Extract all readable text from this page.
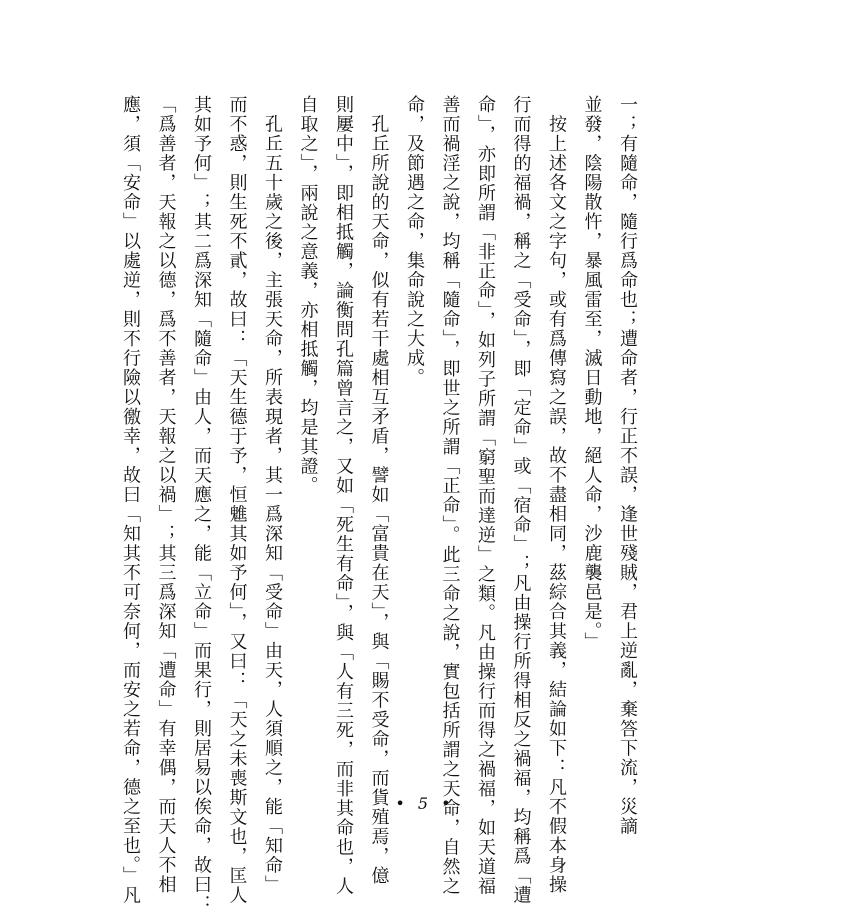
一；有隨命，隨行爲命也；遭命者，行正不誤，逢世殘賊，君上逆亂，棄答下流，災謫
並發，陰陽散忤，暴風雷至，滅日動地，絕人命，沙鹿襲邑是。」
　按上述各文之字句，或有爲傳寫之誤，故不盡相同，茲綜合其義，結論如下：凡不假本身操
行而得的福禍，稱之「受命」，即「定命」或「宿命」；凡由操行所得相反之禍福，均稱爲「遭
命」，亦即所謂「非正命」，如列子所謂「窮聖而達逆」之類。凡由操行而得之禍福，如天道福
善而禍淫之說，均稱「隨命」，即世之所謂「正命」。此三命之說，實包括所謂之天命，自然之
命，及節遇之命，集命說之大成。
　孔丘所說的天命，似有若干處相互矛盾，譬如「富貴在天」，與「賜不受命，而貨殖焉，億
則屢中」，即相抵觸，論衡問孔篇曾言之，又如「死生有命」，與「人有三死，而非其命也，人
自取之」，兩說之意義，亦相抵觸，均是其證。
　孔丘五十歲之後，主張天命，所表現者，其一爲深知「受命」由天，人須順之，能「知命」
而不惑，則生死不貳，故曰：「天生德于予，恒魋其如予何」，又曰：「天之未喪斯文也，匡人
其如予何」；其二爲深知「隨命」由人，而天應之，能「立命」而果行，則居易以俟命，故曰：
「爲善者，天報之以德，爲不善者，天報之以禍」；其三爲深知「遭命」有幸偶，而天人不相
應，須「安命」以處逆，則不行險以徼幸，故曰「知其不可奈何，而安之若命，德之至也。」凡	• 5 •
